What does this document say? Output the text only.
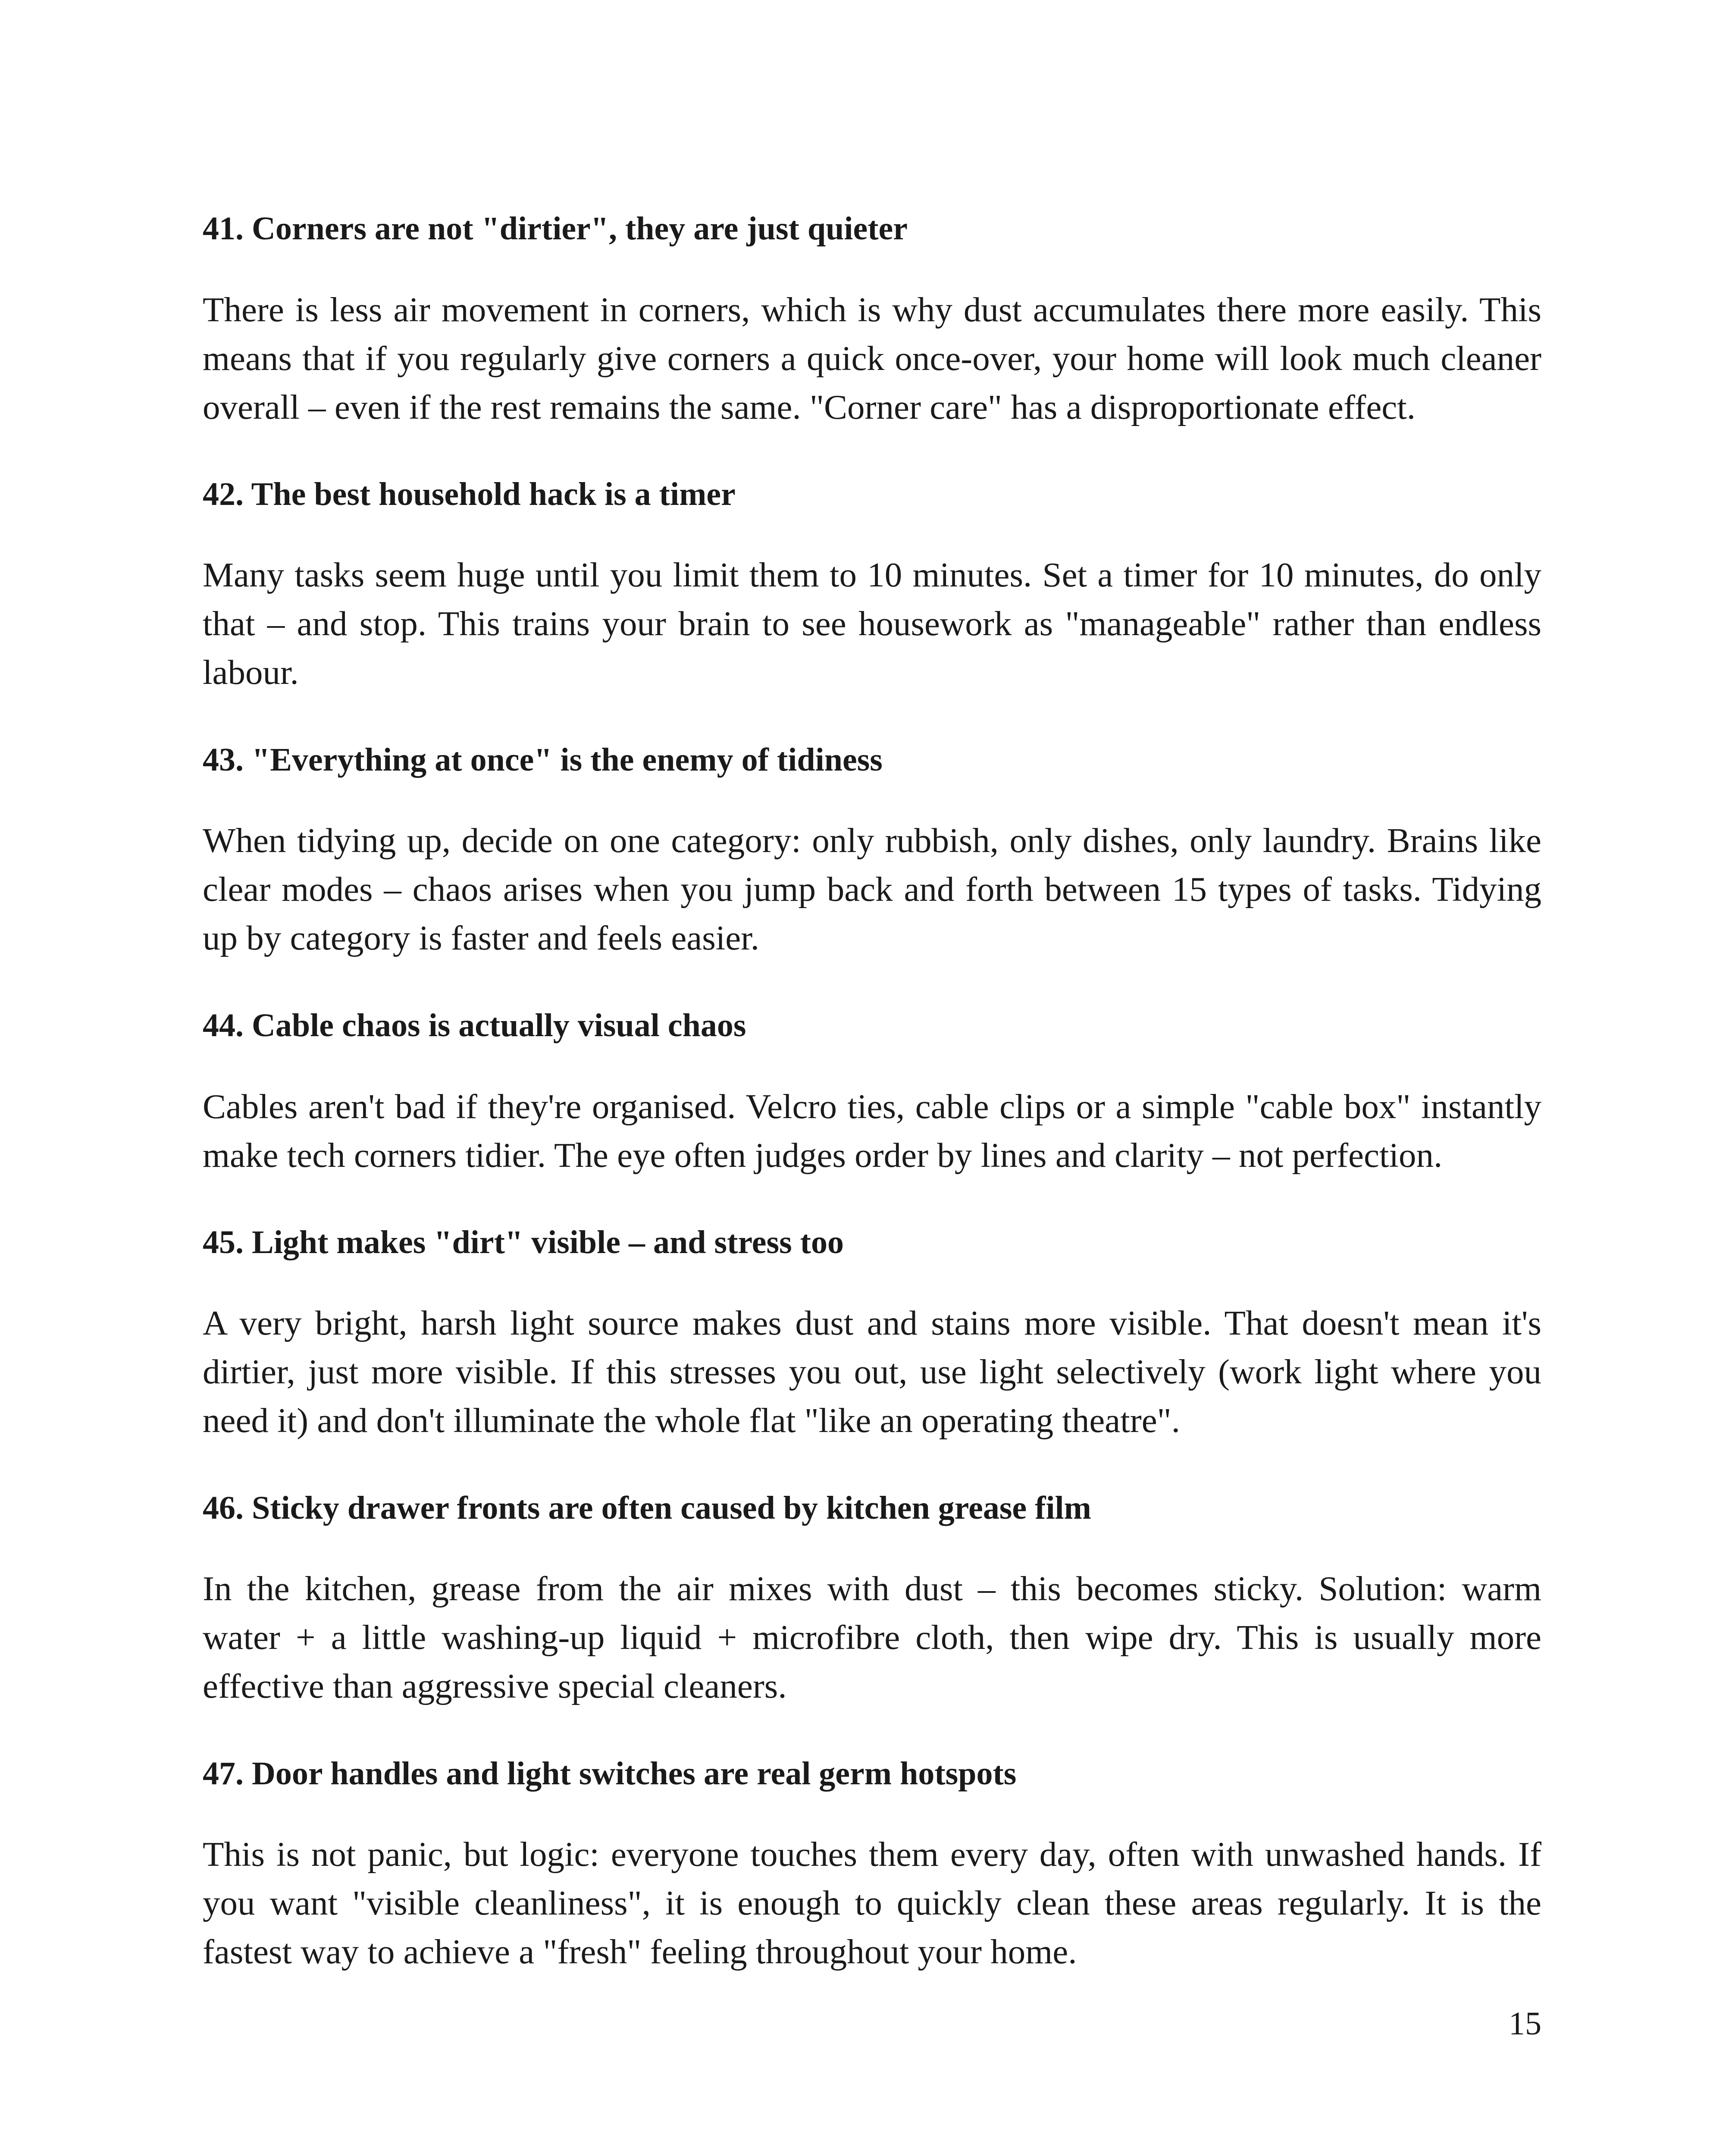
41. Corners are not "dirtier", they are just quieter

There is less air movement in corners, which is why dust accumulates there more easily. This
means that if you regularly give corners a quick once-over, your home will look much cleaner
overall – even if the rest remains the same. "Corner care" has a disproportionate effect.

42. The best household hack is a timer

Many tasks seem huge until you limit them to 10 minutes. Set a timer for 10 minutes, do only
that – and stop. This trains your brain to see housework as "manageable" rather than endless
labour.

43. "Everything at once" is the enemy of tidiness

When tidying up, decide on one category: only rubbish, only dishes, only laundry. Brains like
clear modes – chaos arises when you jump back and forth between 15 types of tasks. Tidying
up by category is faster and feels easier.

44. Cable chaos is actually visual chaos

Cables aren't bad if they're organised. Velcro ties, cable clips or a simple "cable box" instantly
make tech corners tidier. The eye often judges order by lines and clarity – not perfection.

45. Light makes "dirt" visible – and stress too

A very bright, harsh light source makes dust and stains more visible. That doesn't mean it's
dirtier, just more visible. If this stresses you out, use light selectively (work light where you
need it) and don't illuminate the whole flat "like an operating theatre".

46. Sticky drawer fronts are often caused by kitchen grease film

In the kitchen, grease from the air mixes with dust – this becomes sticky. Solution: warm
water + a little washing-up liquid + microfibre cloth, then wipe dry. This is usually more
effective than aggressive special cleaners.

47. Door handles and light switches are real germ hotspots

This is not panic, but logic: everyone touches them every day, often with unwashed hands. If
you want "visible cleanliness", it is enough to quickly clean these areas regularly. It is the
fastest way to achieve a "fresh" feeling throughout your home.

15
